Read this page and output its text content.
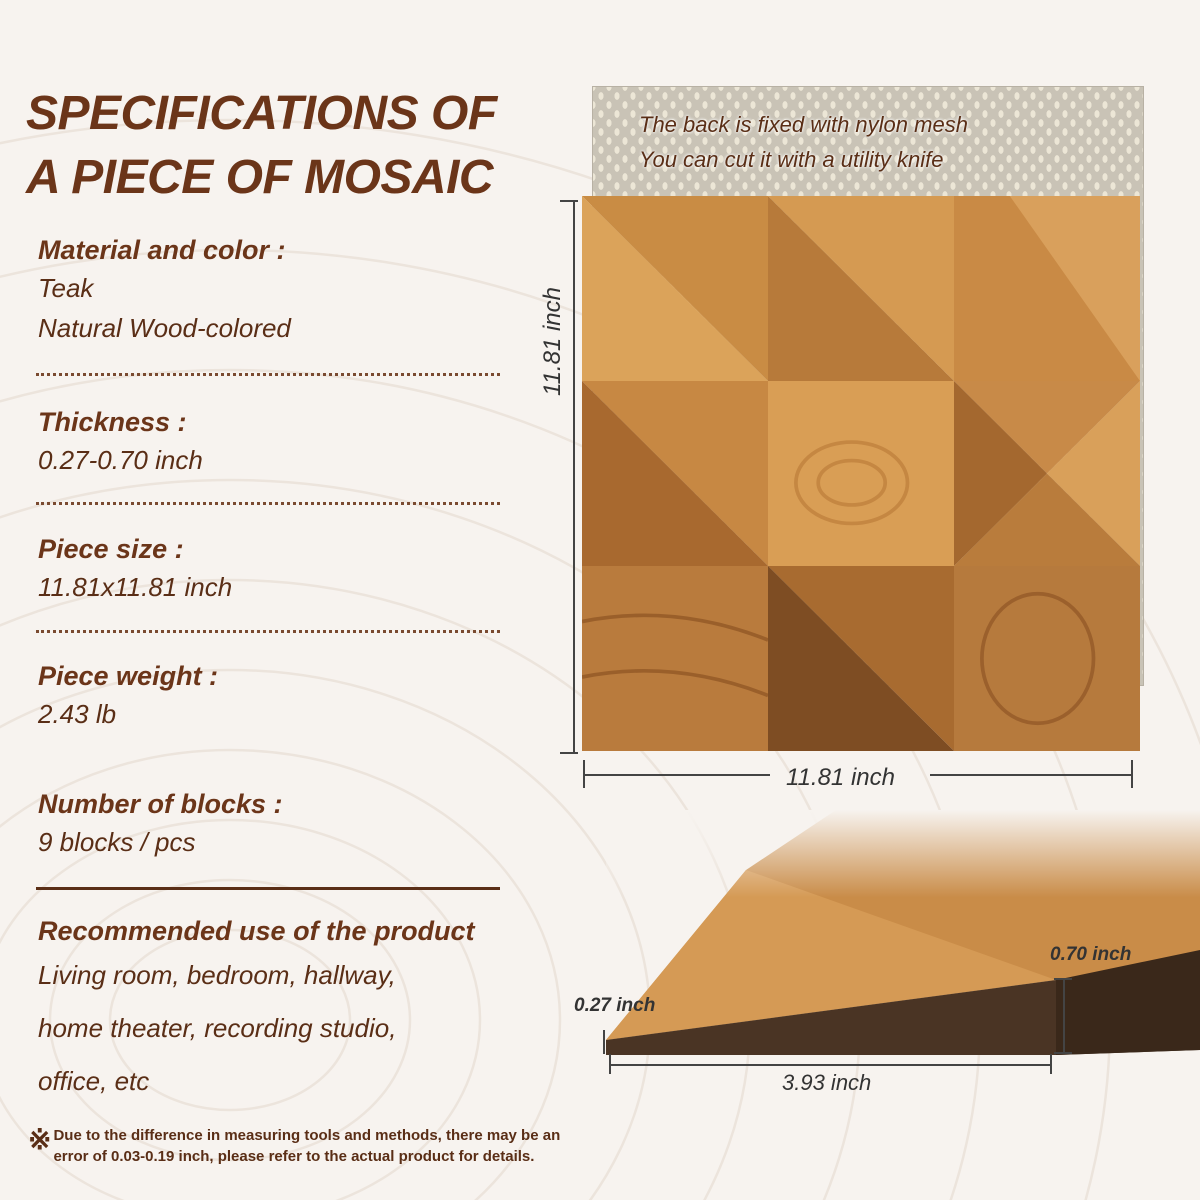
SPECIFICATIONS OF
A PIECE OF MOSAIC
Material and color :
Teak
Natural Wood-colored
Thickness :
0.27-0.70 inch
Piece size :
11.81x11.81 inch
Piece weight :
2.43 lb
Number of blocks :
9 blocks / pcs
Recommended use of the product
Living room, bedroom, hallway,
home theater, recording studio,
office, etc
※ Due to the difference in measuring tools and methods, there may be an
error of 0.03-0.19 inch, please refer to the actual product for details.
The back is fixed with nylon mesh
You can cut it with a utility knife
11.81 inch
11.81 inch
0.70 inch
0.27 inch
3.93 inch
